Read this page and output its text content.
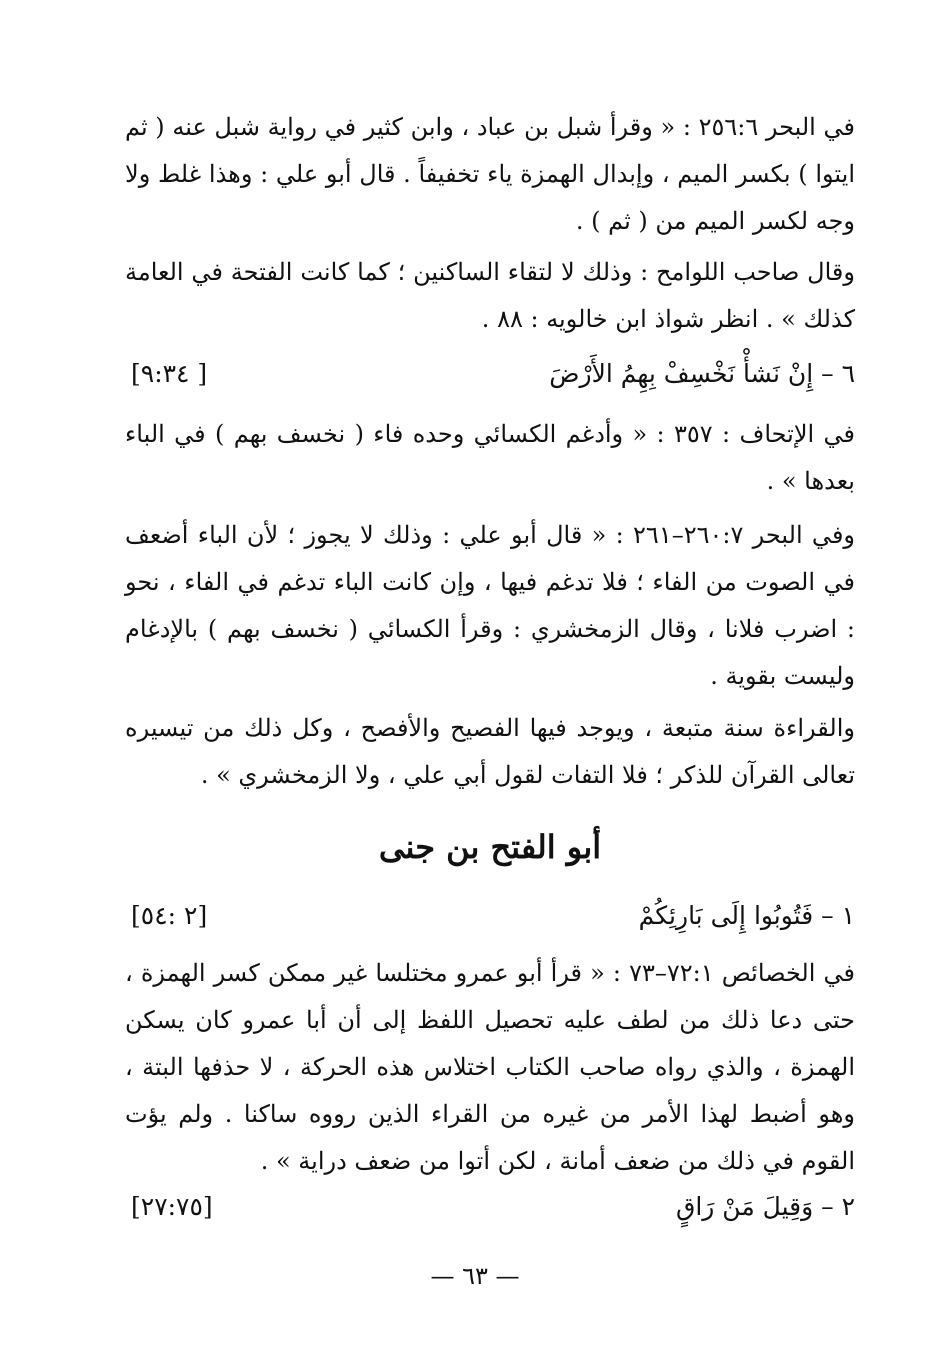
في البحر ٢٥٦:٦ : « وقرأ شبل بن عباد ، وابن كثير في رواية شبل عنه ( ثم ايتوا ) بكسر الميم ، وإبدال الهمزة ياء تخفيفاً . قال أبو علي : وهذا غلط ولا وجه لكسر الميم من ( ثم ) .
وقال صاحب اللوامح : وذلك لا لتقاء الساكنين ؛ كما كانت الفتحة في العامة كذلك » . انظر شواذ ابن خالويه : ٨٨ .
٦ – إِنْ نَشأْ نَخْسِفْ بِهِمُ الأَرْضَ
[٩:٣٤ ]
في الإتحاف : ٣٥٧ : « وأدغم الكسائي وحده فاء ( نخسف بهم ) في الباء بعدها » .
وفي البحر ٢٦٠:٧–٢٦١ : « قال أبو علي : وذلك لا يجوز ؛ لأن الباء أضعف في الصوت من الفاء ؛ فلا تدغم فيها ، وإن كانت الباء تدغم في الفاء ، نحو : اضرب فلانا ، وقال الزمخشري : وقرأ الكسائي ( نخسف بهم ) بالإدغام وليست بقوية .
والقراءة سنة متبعة ، ويوجد فيها الفصيح والأفصح ، وكل ذلك من تيسيره تعالى القرآن للذكر ؛ فلا التفات لقول أبي علي ، ولا الزمخشري » .
أبو الفتح بن جنى
١ – فَتُوبُوا إِلَى بَارِئِكُمْ
[٢ :٥٤]
في الخصائص ٧٢:١–٧٣ : « قرأ أبو عمرو مختلسا غير ممكن كسر الهمزة ، حتى دعا ذلك من لطف عليه تحصيل اللفظ إلى أن أبا عمرو كان يسكن الهمزة ، والذي رواه صاحب الكتاب اختلاس هذه الحركة ، لا حذفها البتة ، وهو أضبط لهذا الأمر من غيره من القراء الذين رووه ساكنا . ولم يؤت القوم في ذلك من ضعف أمانة ، لكن أتوا من ضعف دراية » .
٢ – وَقِيلَ مَنْ رَاقٍ
[٢٧:٧٥]
— ٦٣ —
